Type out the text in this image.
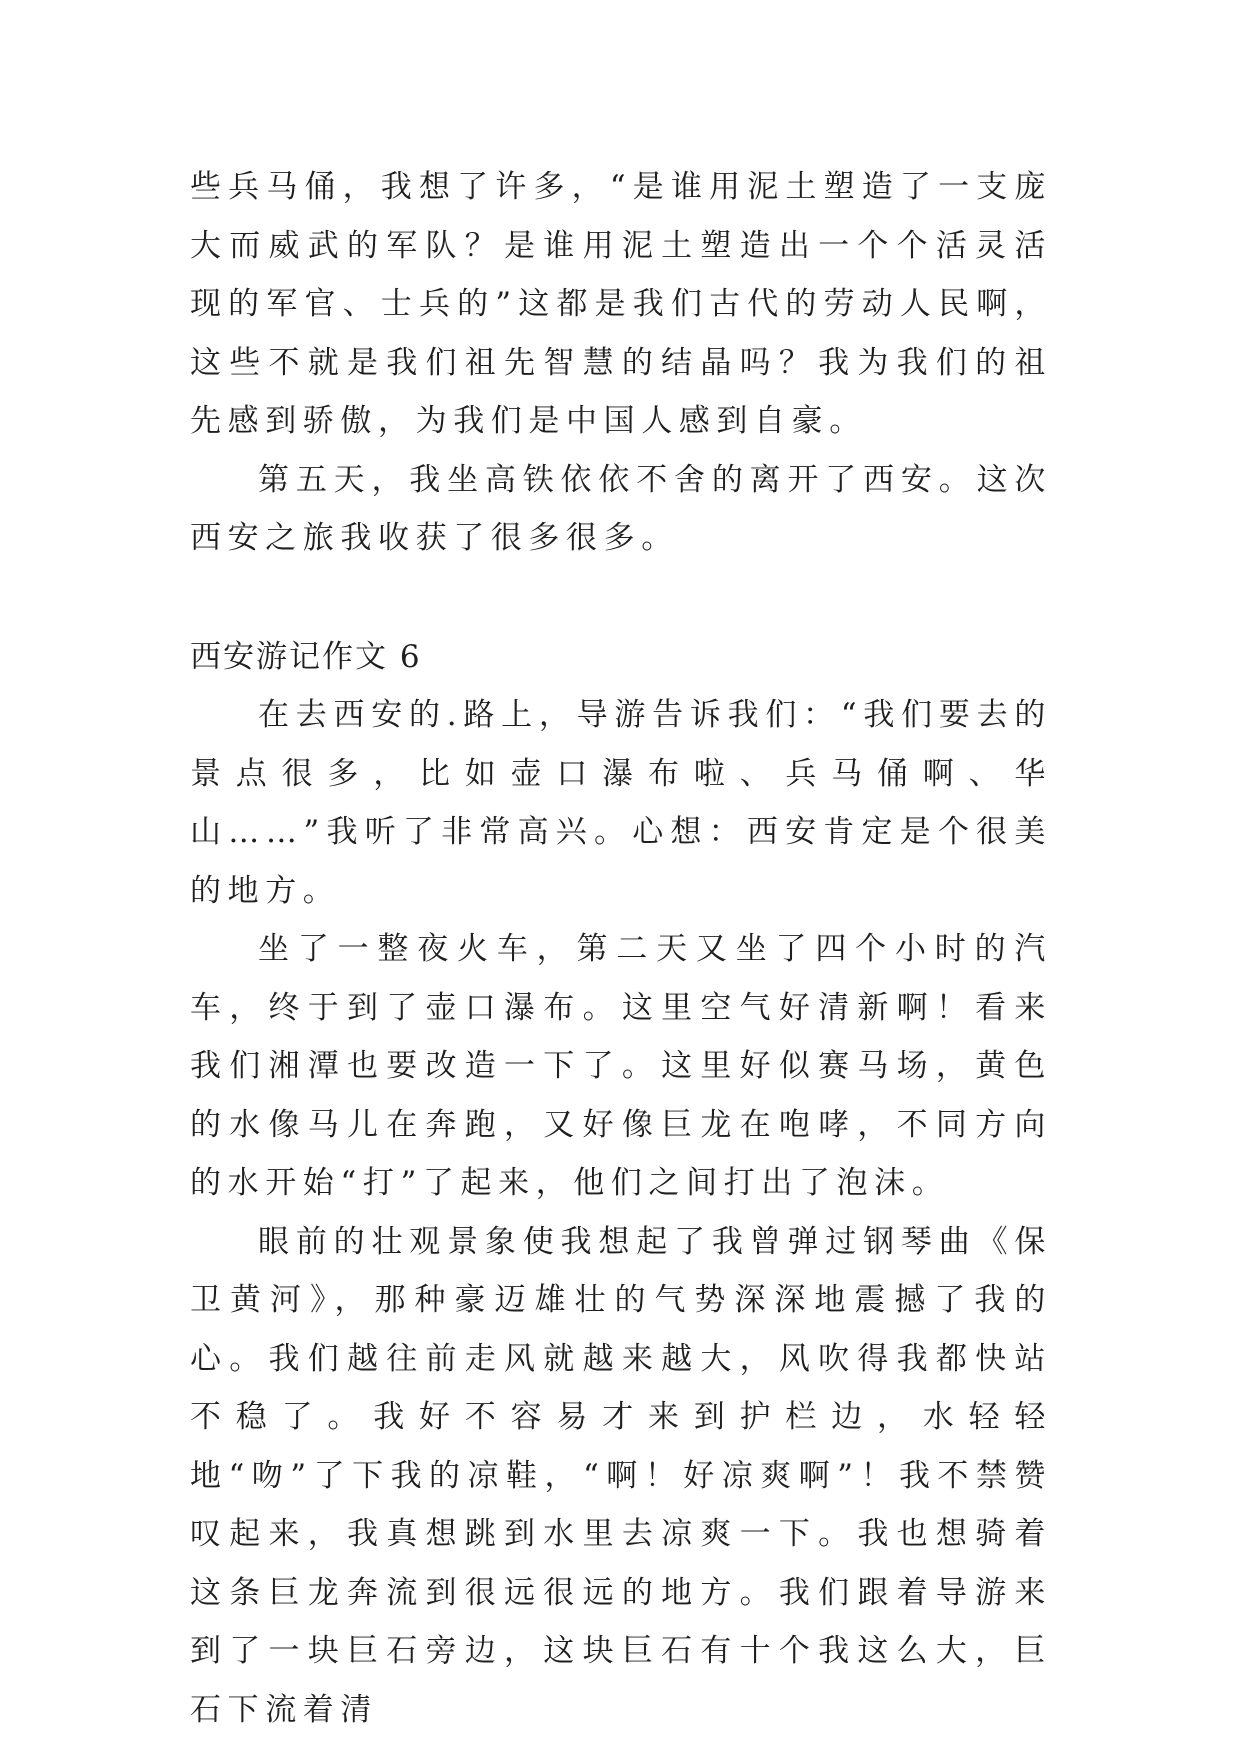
些兵马俑，我想了许多，“是谁用泥土塑造了一支庞大而威武的军队？是谁用泥土塑造出一个个活灵活现的军官、士兵的”这都是我们古代的劳动人民啊，这些不就是我们祖先智慧的结晶吗？我为我们的祖先感到骄傲，为我们是中国人感到自豪。

第五天，我坐高铁依依不舍的离开了西安。这次西安之旅我收获了很多很多。

西安游记作文 6

在去西安的.路上，导游告诉我们：“我们要去的景点很多，比如壶口瀑布啦、兵马俑啊、华山……”我听了非常高兴。心想：西安肯定是个很美的地方。

坐了一整夜火车，第二天又坐了四个小时的汽车，终于到了壶口瀑布。这里空气好清新啊！看来我们湘潭也要改造一下了。这里好似赛马场，黄色的水像马儿在奔跑，又好像巨龙在咆哮，不同方向的水开始“打”了起来，他们之间打出了泡沫。

眼前的壮观景象使我想起了我曾弹过钢琴曲《保卫黄河》，那种豪迈雄壮的气势深深地震撼了我的心。我们越往前走风就越来越大，风吹得我都快站不稳了。我好不容易才来到护栏边，水轻轻地“吻”了下我的凉鞋，“啊！好凉爽啊”！我不禁赞叹起来，我真想跳到水里去凉爽一下。我也想骑着这条巨龙奔流到很远很远的地方。我们跟着导游来到了一块巨石旁边，这块巨石有十个我这么大，巨石下流着清
